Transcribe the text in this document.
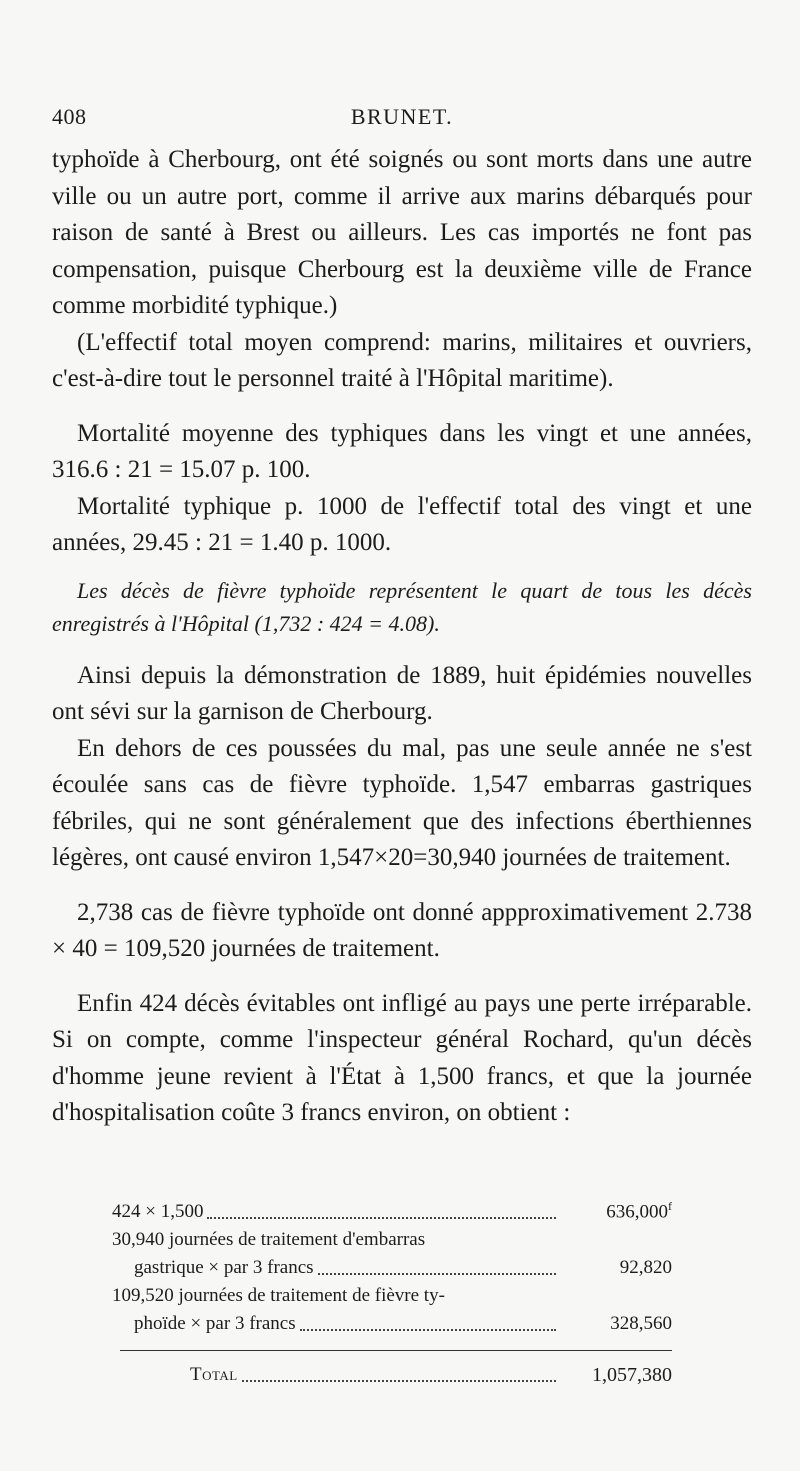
408	BRUNET.

typhoïde à Cherbourg, ont été soignés ou sont morts dans une autre ville ou un autre port, comme il arrive aux marins débarqués pour raison de santé à Brest ou ailleurs. Les cas importés ne font pas compensation, puisque Cherbourg est la deuxième ville de France comme morbidité typhique.)

(L'effectif total moyen comprend: marins, militaires et ouvriers, c'est-à-dire tout le personnel traité à l'Hôpital maritime).

Mortalité moyenne des typhiques dans les vingt et une années, 316.6 : 21 = 15.07 p. 100.

Mortalité typhique p. 1000 de l'effectif total des vingt et une années, 29.45 : 21 = 1.40 p. 1000.

Les décès de fièvre typhoïde représentent le quart de tous les décès enregistrés à l'Hôpital (1,732 : 424 = 4.08).

Ainsi depuis la démonstration de 1889, huit épidémies nouvelles ont sévi sur la garnison de Cherbourg.

En dehors de ces poussées du mal, pas une seule année ne s'est écoulée sans cas de fièvre typhoïde. 1,547 embarras gastriques fébriles, qui ne sont généralement que des infections éberthiennes légères, ont causé environ 1,547×20=30,940 journées de traitement.

2,738 cas de fièvre typhoïde ont donné appproximativement 2.738 × 40 = 109,520 journées de traitement.

Enfin 424 décès évitables ont infligé au pays une perte irréparable. Si on compte, comme l'inspecteur général Rochard, qu'un décès d'homme jeune revient à l'État à 1,500 francs, et que la journée d'hospitalisation coûte 3 francs environ, on obtient :

424 × 1,500	636,000$^f$
30,940 journées de traitement d'embarras
gastrique × par 3 francs	92,820
109,520 journées de traitement de fièvre ty-
phoïde × par 3 francs	328,560
Total	1,057,380
